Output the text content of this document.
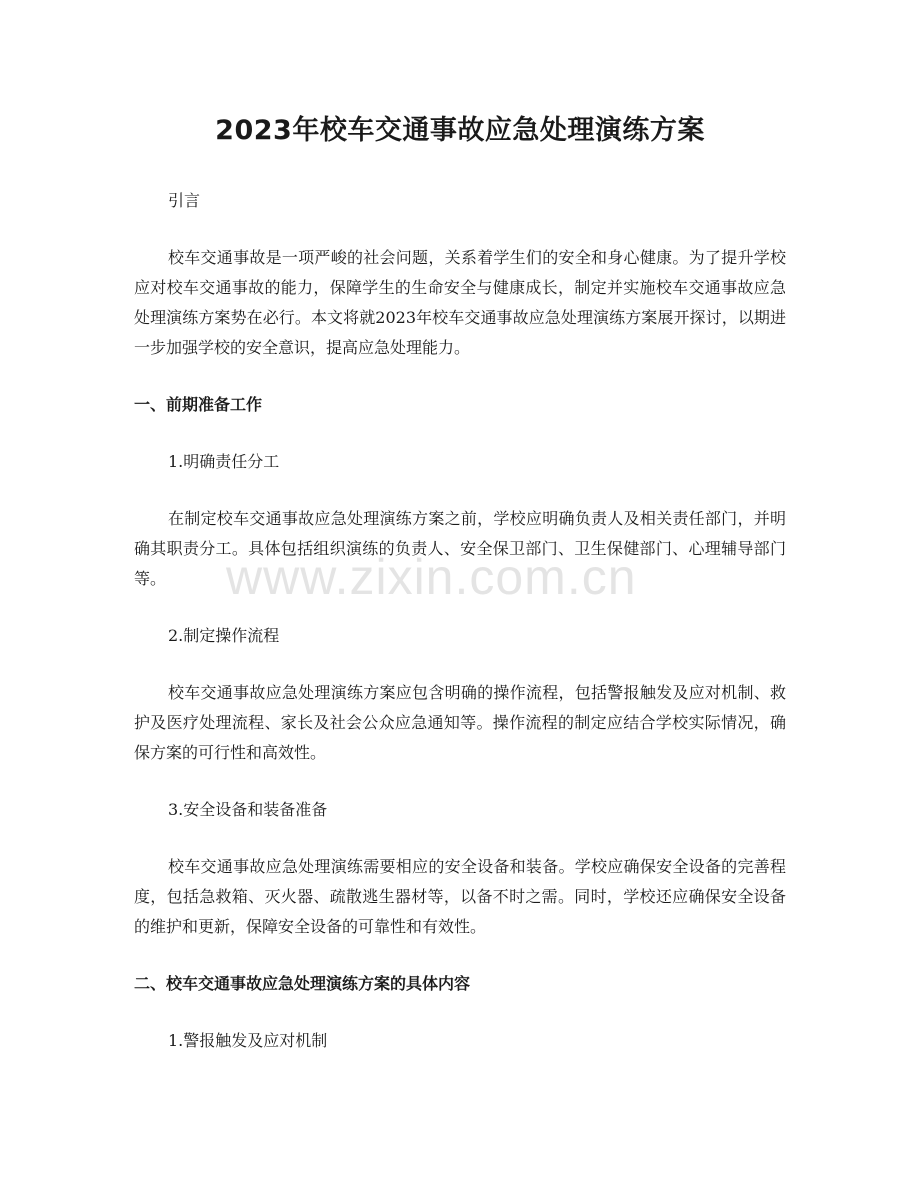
2023年校车交通事故应急处理演练方案

引言

校车交通事故是一项严峻的社会问题，关系着学生们的安全和身心健康。为了提升学校应对校车交通事故的能力，保障学生的生命安全与健康成长，制定并实施校车交通事故应急处理演练方案势在必行。本文将就2023年校车交通事故应急处理演练方案展开探讨，以期进一步加强学校的安全意识，提高应急处理能力。

一、前期准备工作

1.明确责任分工

在制定校车交通事故应急处理演练方案之前，学校应明确负责人及相关责任部门，并明确其职责分工。具体包括组织演练的负责人、安全保卫部门、卫生保健部门、心理辅导部门等。

2.制定操作流程

校车交通事故应急处理演练方案应包含明确的操作流程，包括警报触发及应对机制、救护及医疗处理流程、家长及社会公众应急通知等。操作流程的制定应结合学校实际情况，确保方案的可行性和高效性。

3.安全设备和装备准备

校车交通事故应急处理演练需要相应的安全设备和装备。学校应确保安全设备的完善程度，包括急救箱、灭火器、疏散逃生器材等，以备不时之需。同时，学校还应确保安全设备的维护和更新，保障安全设备的可靠性和有效性。

二、校车交通事故应急处理演练方案的具体内容

1.警报触发及应对机制

www.zixin.com.cn
